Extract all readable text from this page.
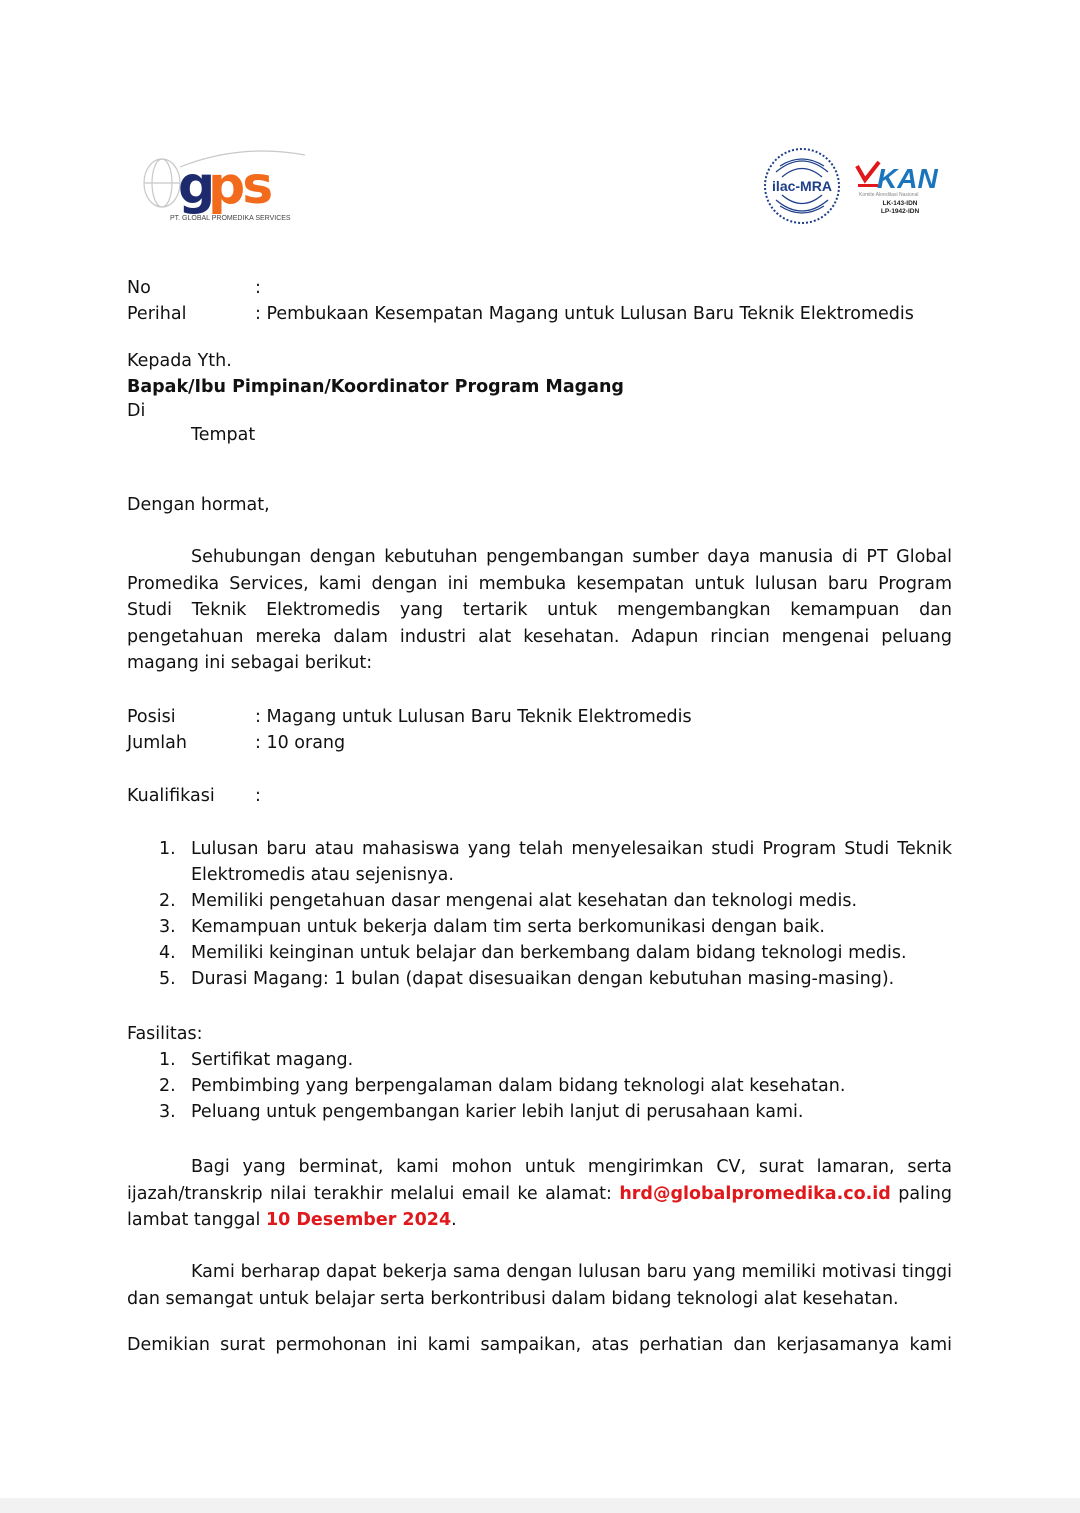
g
ps
PT. GLOBAL PROMEDIKA SERVICES
ilac-MRA KAN
Komite Akreditasi Nasional
LK-143-IDN
LP-1942-IDN
No	:
Perihal	: Pembukaan Kesempatan Magang untuk Lulusan Baru Teknik Elektromedis
Kepada Yth.
Bapak/Ibu Pimpinan/Koordinator Program Magang
Di
Tempat
Dengan hormat,
Sehubungan dengan kebutuhan pengembangan sumber daya manusia di PT Global Promedika Services, kami dengan ini membuka kesempatan untuk lulusan baru Program Studi Teknik Elektromedis yang tertarik untuk mengembangkan kemampuan dan pengetahuan mereka dalam industri alat kesehatan. Adapun rincian mengenai peluang magang ini sebagai berikut:
Posisi	: Magang untuk Lulusan Baru Teknik Elektromedis
Jumlah	: 10 orang
Kualifikasi :
1. Lulusan baru atau mahasiswa yang telah menyelesaikan studi Program Studi Teknik Elektromedis atau sejenisnya.
2. Memiliki pengetahuan dasar mengenai alat kesehatan dan teknologi medis.
3. Kemampuan untuk bekerja dalam tim serta berkomunikasi dengan baik.
4. Memiliki keinginan untuk belajar dan berkembang dalam bidang teknologi medis.
5. Durasi Magang: 1 bulan (dapat disesuaikan dengan kebutuhan masing-masing).
Fasilitas:
1. Sertifikat magang.
2. Pembimbing yang berpengalaman dalam bidang teknologi alat kesehatan.
3. Peluang untuk pengembangan karier lebih lanjut di perusahaan kami.
Bagi yang berminat, kami mohon untuk mengirimkan CV, surat lamaran, serta ijazah/transkrip nilai terakhir melalui email ke alamat: hrd@globalpromedika.co.id paling lambat tanggal 10 Desember 2024.
Kami berharap dapat bekerja sama dengan lulusan baru yang memiliki motivasi tinggi dan semangat untuk belajar serta berkontribusi dalam bidang teknologi alat kesehatan.
Demikian surat permohonan ini kami sampaikan, atas perhatian dan kerjasamanya kami
